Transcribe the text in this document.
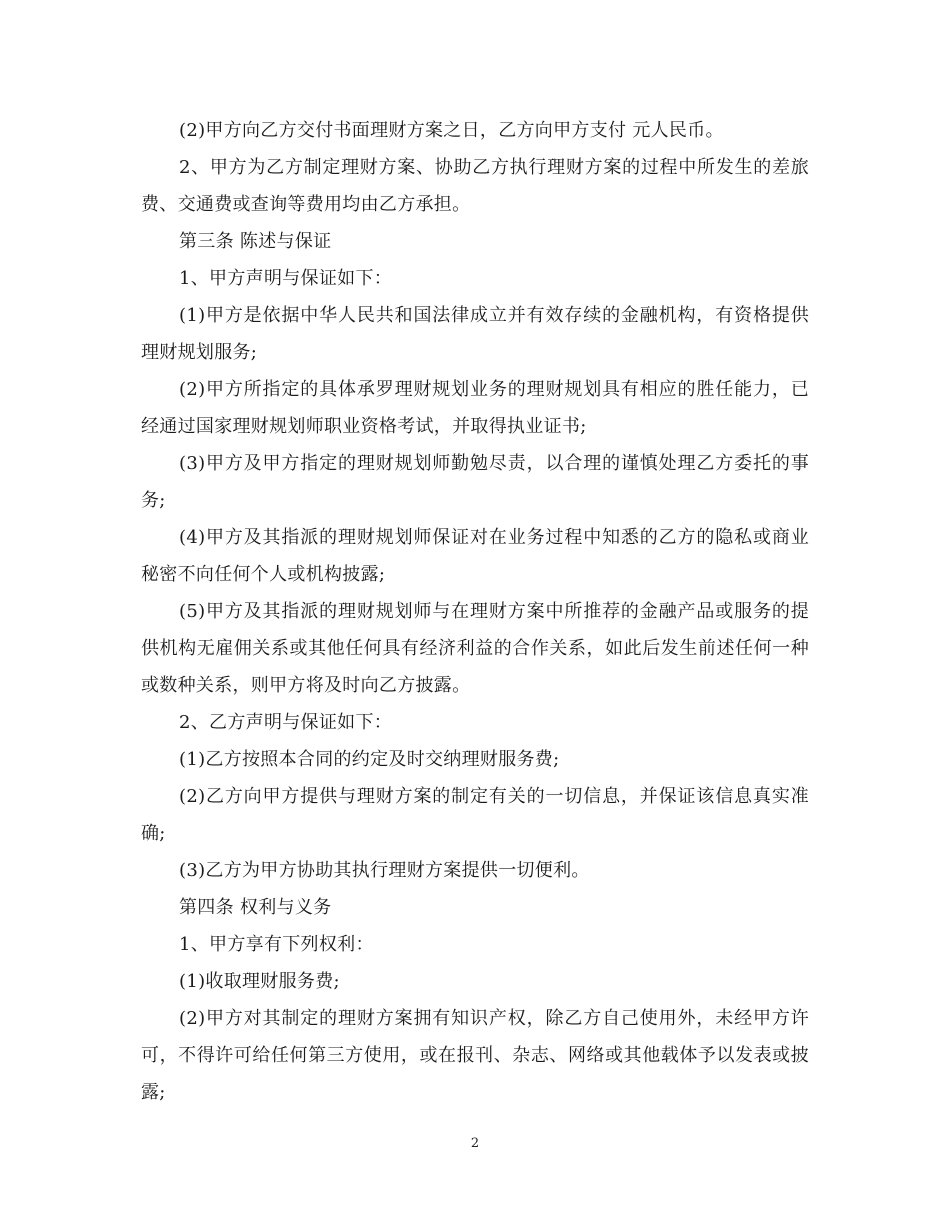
(2)甲方向乙方交付书面理财方案之日，乙方向甲方支付 元人民币。

2、甲方为乙方制定理财方案、协助乙方执行理财方案的过程中所发生的差旅费、交通费或查询等费用均由乙方承担。

第三条 陈述与保证

1、甲方声明与保证如下：

(1)甲方是依据中华人民共和国法律成立并有效存续的金融机构，有资格提供理财规划服务;

(2)甲方所指定的具体承罗理财规划业务的理财规划具有相应的胜任能力，已经通过国家理财规划师职业资格考试，并取得执业证书;

(3)甲方及甲方指定的理财规划师勤勉尽责，以合理的谨慎处理乙方委托的事务;

(4)甲方及其指派的理财规划师保证对在业务过程中知悉的乙方的隐私或商业秘密不向任何个人或机构披露;

(5)甲方及其指派的理财规划师与在理财方案中所推荐的金融产品或服务的提供机构无雇佣关系或其他任何具有经济利益的合作关系，如此后发生前述任何一种或数种关系，则甲方将及时向乙方披露。

2、乙方声明与保证如下：

(1)乙方按照本合同的约定及时交纳理财服务费;

(2)乙方向甲方提供与理财方案的制定有关的一切信息，并保证该信息真实准确;

(3)乙方为甲方协助其执行理财方案提供一切便利。

第四条 权利与义务

1、甲方享有下列权利：

(1)收取理财服务费;

(2)甲方对其制定的理财方案拥有知识产权，除乙方自己使用外，未经甲方许可，不得许可给任何第三方使用，或在报刊、杂志、网络或其他载体予以发表或披露;

2
